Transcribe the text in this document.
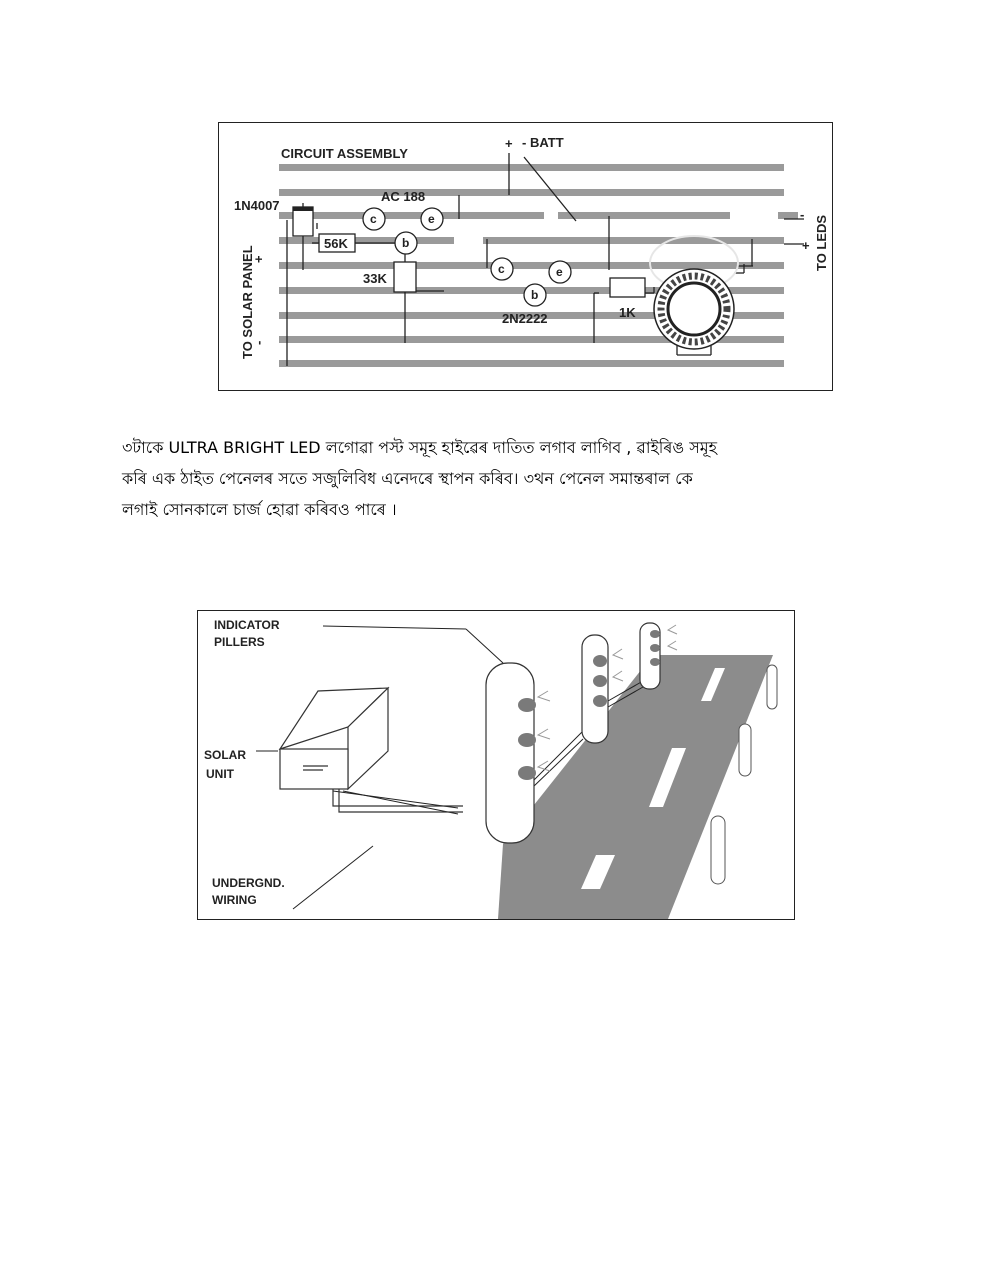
CIRCUIT ASSEMBLY
+ - BATT
1N4007
AC 188
56K
33K
1K
2N2222
c	e
b
c	e
b
TO SOLAR PANEL
+
-
TO LEDS
-
+
৩টাকে ULTRA BRIGHT LED লগোৱা পস্ট সমূহ হাইৱেৰ দাতিত লগাব লাগিব , ৱাইৰিঙ সমূহ
কৰি এক ঠাইত পেনেলৰ সতে সজুলিবিধ এনেদৰে স্থাপন কৰিব। ৩থন পেনেল সমান্তৰাল কে
লগাই সোনকালে চাৰ্জ হোৱা কৰিবও পাৰে ।
INDICATOR
PILLERS
SOLAR
UNIT
UNDERGND.
WIRING
